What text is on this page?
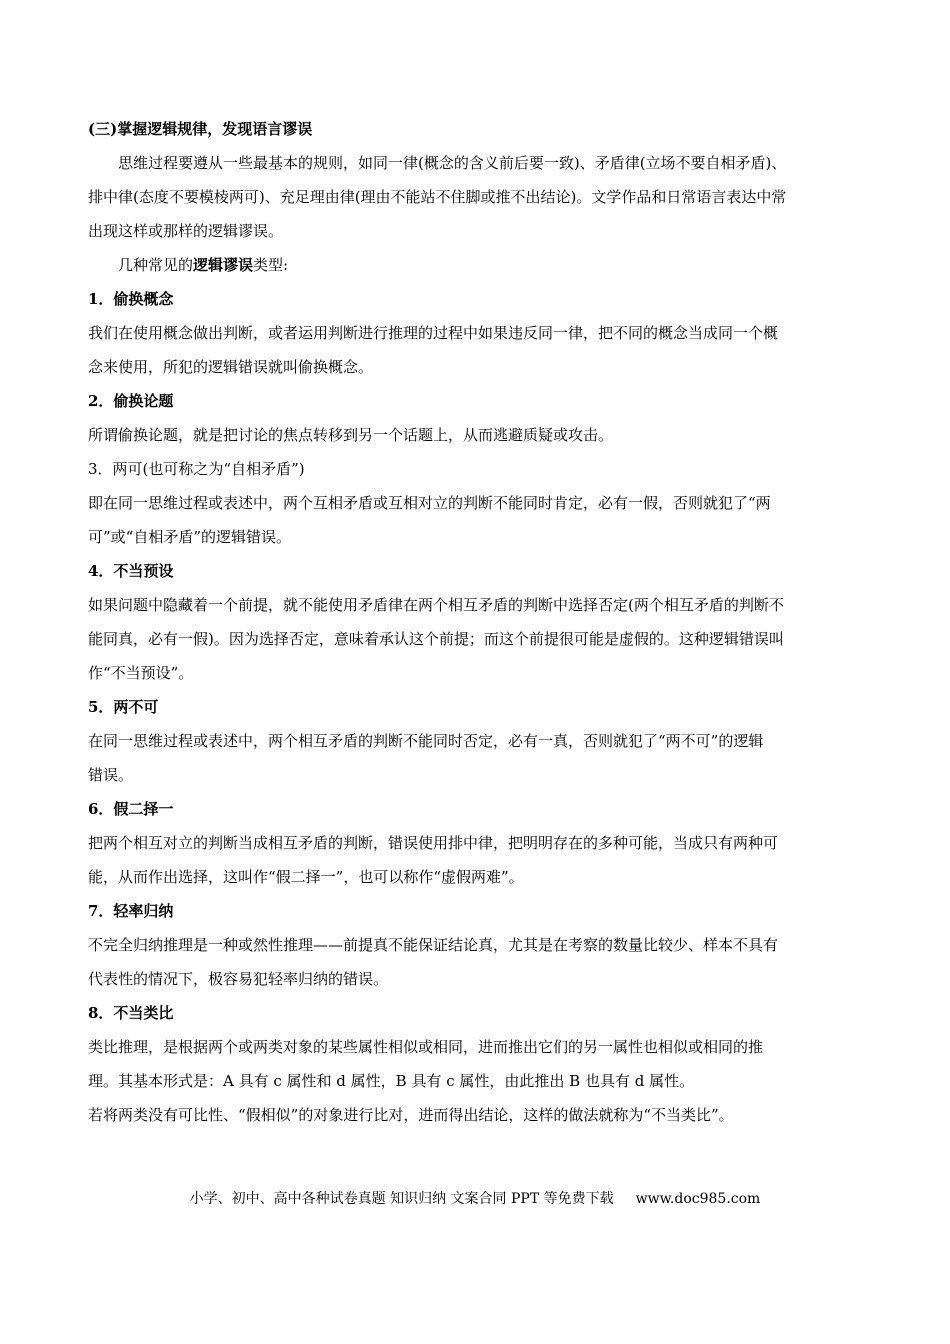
(三)掌握逻辑规律，发现语言谬误

思维过程要遵从一些最基本的规则，如同一律(概念的含义前后要一致)、矛盾律(立场不要自相矛盾)、

排中律(态度不要模棱两可)、充足理由律(理由不能站不住脚或推不出结论)。文学作品和日常语言表达中常

出现这样或那样的逻辑谬误。

几种常见的逻辑谬误类型:

1．偷换概念

我们在使用概念做出判断，或者运用判断进行推理的过程中如果违反同一律，把不同的概念当成同一个概

念来使用，所犯的逻辑错误就叫偷换概念。

2．偷换论题

所谓偷换论题，就是把讨论的焦点转移到另一个话题上，从而逃避质疑或攻击。

3．两可(也可称之为“自相矛盾”)

即在同一思维过程或表述中，两个互相矛盾或互相对立的判断不能同时肯定，必有一假，否则就犯了“两

可”或“自相矛盾”的逻辑错误。

4．不当预设

如果问题中隐藏着一个前提，就不能使用矛盾律在两个相互矛盾的判断中选择否定(两个相互矛盾的判断不

能同真，必有一假)。因为选择否定，意味着承认这个前提；而这个前提很可能是虚假的。这种逻辑错误叫

作“不当预设”。

5．两不可

在同一思维过程或表述中，两个相互矛盾的判断不能同时否定，必有一真，否则就犯了“两不可”的逻辑

错误。

6．假二择一

把两个相互对立的判断当成相互矛盾的判断，错误使用排中律，把明明存在的多种可能，当成只有两种可

能，从而作出选择，这叫作“假二择一”，也可以称作“虚假两难”。

7．轻率归纳

不完全归纳推理是一种或然性推理——前提真不能保证结论真，尤其是在考察的数量比较少、样本不具有

代表性的情况下，极容易犯轻率归纳的错误。

8．不当类比

类比推理，是根据两个或两类对象的某些属性相似或相同，进而推出它们的另一属性也相似或相同的推

理。其基本形式是：A 具有 c 属性和 d 属性，B 具有 c 属性，由此推出 B 也具有 d 属性。

若将两类没有可比性、“假相似”的对象进行比对，进而得出结论，这样的做法就称为“不当类比”。

小学、初中、高中各种试卷真题 知识归纳 文案合同 PPT 等免费下载 www.doc985.com
